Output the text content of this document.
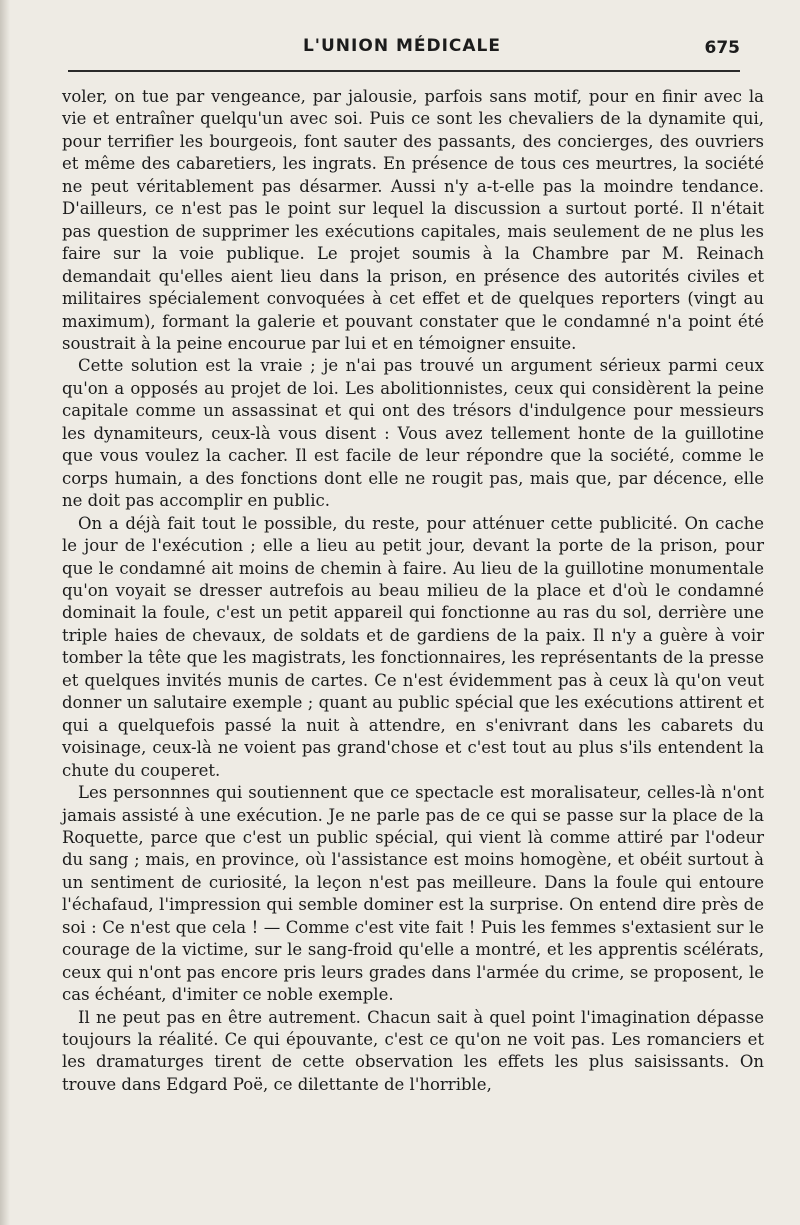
L'UNION MÉDICALE	675

voler, on tue par vengeance, par jalousie, parfois sans motif, pour en finir avec la vie et entraîner quelqu'un avec soi. Puis ce sont les chevaliers de la dynamite qui, pour terrifier les bourgeois, font sauter des passants, des concierges, des ouvriers et même des cabaretiers, les ingrats. En présence de tous ces meurtres, la société ne peut véritablement pas désarmer. Aussi n'y a-t-elle pas la moindre tendance. D'ailleurs, ce n'est pas le point sur lequel la discussion a surtout porté. Il n'était pas question de supprimer les exécutions capitales, mais seulement de ne plus les faire sur la voie publique. Le projet soumis à la Chambre par M. Reinach demandait qu'elles aient lieu dans la prison, en présence des autorités civiles et militaires spécialement convoquées à cet effet et de quelques reporters (vingt au maximum), formant la galerie et pouvant constater que le condamné n'a point été soustrait à la peine encourue par lui et en témoigner ensuite.

Cette solution est la vraie ; je n'ai pas trouvé un argument sérieux parmi ceux qu'on a opposés au projet de loi. Les abolitionnistes, ceux qui considèrent la peine capitale comme un assassinat et qui ont des trésors d'indulgence pour messieurs les dynamiteurs, ceux-là vous disent : Vous avez tellement honte de la guillotine que vous voulez la cacher. Il est facile de leur répondre que la société, comme le corps humain, a des fonctions dont elle ne rougit pas, mais que, par décence, elle ne doit pas accomplir en public.

On a déjà fait tout le possible, du reste, pour atténuer cette publicité. On cache le jour de l'exécution ; elle a lieu au petit jour, devant la porte de la prison, pour que le condamné ait moins de chemin à faire. Au lieu de la guillotine monumentale qu'on voyait se dresser autrefois au beau milieu de la place et d'où le condamné dominait la foule, c'est un petit appareil qui fonctionne au ras du sol, derrière une triple haies de chevaux, de soldats et de gardiens de la paix. Il n'y a guère à voir tomber la tête que les magistrats, les fonctionnaires, les représentants de la presse et quelques invités munis de cartes. Ce n'est évidemment pas à ceux là qu'on veut donner un salutaire exemple ; quant au public spécial que les exécutions attirent et qui a quelquefois passé la nuit à attendre, en s'enivrant dans les cabarets du voisinage, ceux-là ne voient pas grand'chose et c'est tout au plus s'ils entendent la chute du couperet.

Les personnnes qui soutiennent que ce spectacle est moralisateur, celles-là n'ont jamais assisté à une exécution. Je ne parle pas de ce qui se passe sur la place de la Roquette, parce que c'est un public spécial, qui vient là comme attiré par l'odeur du sang ; mais, en province, où l'assistance est moins homogène, et obéit surtout à un sentiment de curiosité, la leçon n'est pas meilleure. Dans la foule qui entoure l'échafaud, l'impression qui semble dominer est la surprise. On entend dire près de soi : Ce n'est que cela ! — Comme c'est vite fait ! Puis les femmes s'extasient sur le courage de la victime, sur le sang-froid qu'elle a montré, et les apprentis scélérats, ceux qui n'ont pas encore pris leurs grades dans l'armée du crime, se proposent, le cas échéant, d'imiter ce noble exemple.

Il ne peut pas en être autrement. Chacun sait à quel point l'imagination dépasse toujours la réalité. Ce qui épouvante, c'est ce qu'on ne voit pas. Les romanciers et les dramaturges tirent de cette observation les effets les plus saisissants. On trouve dans Edgard Poë, ce dilettante de l'horrible,
